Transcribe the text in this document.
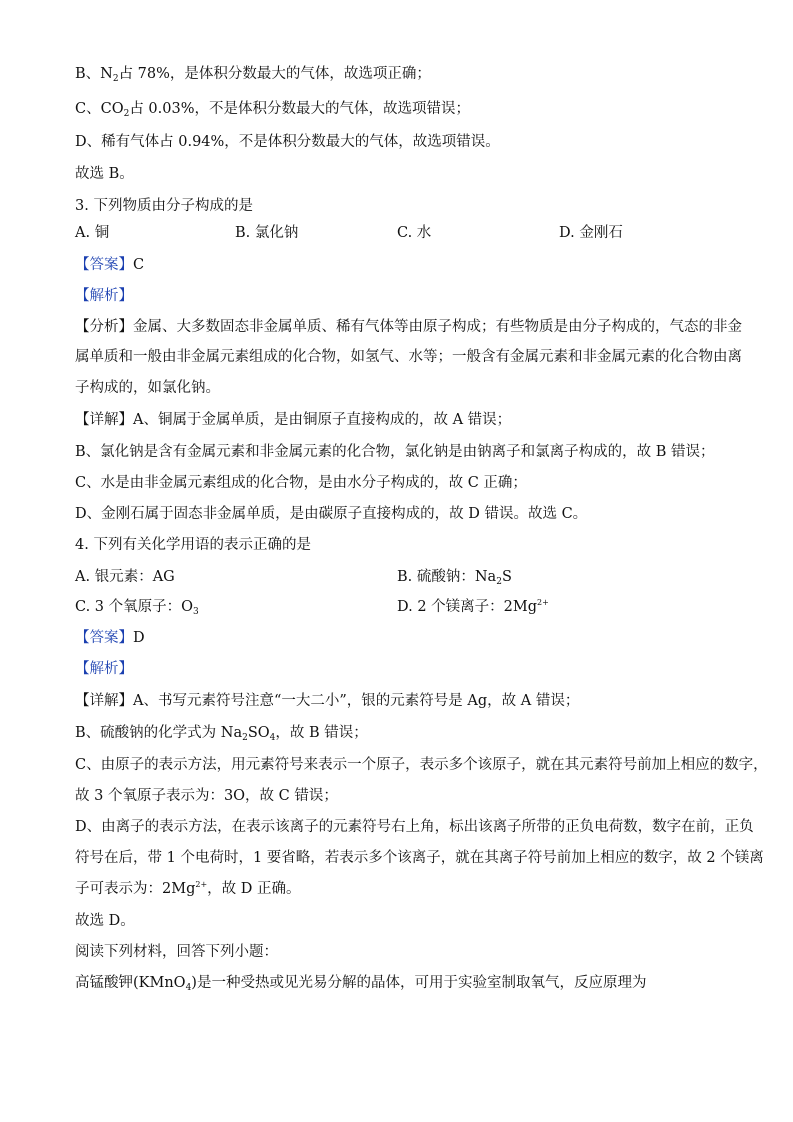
B、$N_2$占 78%，是体积分数最大的气体，故选项正确；
C、$CO_2$占 0.03%，不是体积分数最大的气体，故选项错误；
D、稀有气体占 0.94%，不是体积分数最大的气体，故选项错误。
故选 B。
3. 下列物质由分子构成的是
A. 铜	B. 氯化钠	C. 水	D. 金刚石
【答案】C
【解析】
【分析】金属、大多数固态非金属单质、稀有气体等由原子构成；有些物质是由分子构成的，气态的非金
属单质和一般由非金属元素组成的化合物，如氢气、水等；一般含有金属元素和非金属元素的化合物由离
子构成的，如氯化钠。
【详解】A、铜属于金属单质，是由铜原子直接构成的，故 A 错误；
B、氯化钠是含有金属元素和非金属元素的化合物，氯化钠是由钠离子和氯离子构成的，故 B 错误；
C、水是由非金属元素组成的化合物，是由水分子构成的，故 C 正确；
D、金刚石属于固态非金属单质，是由碳原子直接构成的，故 D 错误。故选 C。
4. 下列有关化学用语的表示正确的是
A. 银元素：AG	B. 硫酸钠：$Na_2S$
C. 3 个氧原子：$O_3$	D. 2 个镁离子：$2Mg^{2+}$
【答案】D
【解析】
【详解】A、书写元素符号注意“一大二小”，银的元素符号是 Ag，故 A 错误；
B、硫酸钠的化学式为 $Na_2SO_4$，故 B 错误；
C、由原子的表示方法，用元素符号来表示一个原子，表示多个该原子，就在其元素符号前加上相应的数字，
故 3 个氧原子表示为：3O，故 C 错误；
D、由离子的表示方法，在表示该离子的元素符号右上角，标出该离子所带的正负电荷数，数字在前，正负
符号在后，带 1 个电荷时，1 要省略，若表示多个该离子，就在其离子符号前加上相应的数字，故 2 个镁离
子可表示为：$2Mg^{2+}$，故 D 正确。
故选 D。
阅读下列材料，回答下列小题：
高锰酸钾(KMnO$_4$)是一种受热或见光易分解的晶体，可用于实验室制取氧气，反应原理为
